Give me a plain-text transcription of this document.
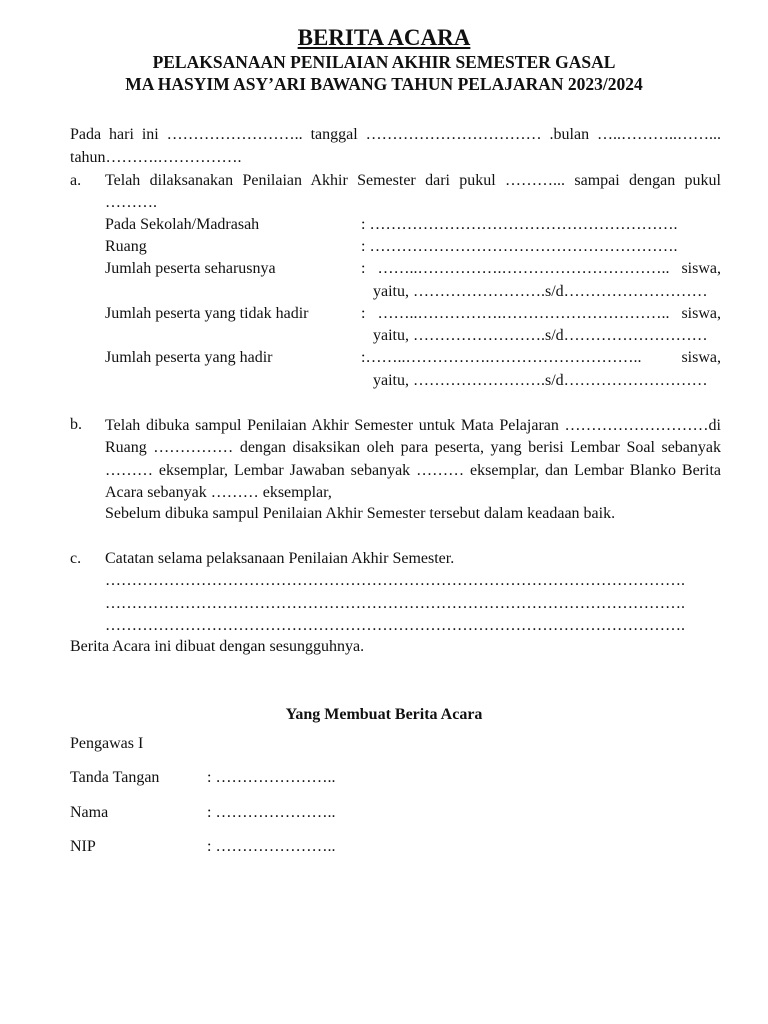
BERITA ACARA
PELAKSANAAN PENILAIAN AKHIR SEMESTER GASAL
MA HASYIM ASY’ARI BAWANG TAHUN PELAJARAN 2023/2024
Pada hari ini …………………….. tanggal …………………………… .bulan …..………..……...
tahun……….…………….
a. Telah dilaksanakan Penilaian Akhir Semester dari pukul ………... sampai dengan pukul
……….
Pada Sekolah/Madrasah	: ………………………………………………….
Ruang	: ………………………………………………….
Jumlah peserta seharusnya	: ……..…………….………………………….. siswa,
yaitu, …………………….s/d………………………
Jumlah peserta yang tidak hadir	: ……..…………….………………………….. siswa,
yaitu, …………………….s/d………………………
Jumlah peserta yang hadir	:……..…………….……………………….. siswa,
yaitu, …………………….s/d………………………
b. Telah dibuka sampul Penilaian Akhir Semester untuk Mata Pelajaran ………………………di Ruang …………… dengan disaksikan oleh para peserta, yang berisi Lembar Soal sebanyak ……… eksemplar, Lembar Jawaban sebanyak ……… eksemplar, dan Lembar Blanko Berita Acara sebanyak ……… eksemplar,
Sebelum dibuka sampul Penilaian Akhir Semester tersebut dalam keadaan baik.
c. Catatan selama pelaksanaan Penilaian Akhir Semester.
……………………………………………………………………………………………….
……………………………………………………………………………………………….
……………………………………………………………………………………………….
Berita Acara ini dibuat dengan sesungguhnya.
Yang Membuat Berita Acara
Pengawas I
Tanda Tangan	: …………………..
Nama	: …………………..
NIP	: …………………..
